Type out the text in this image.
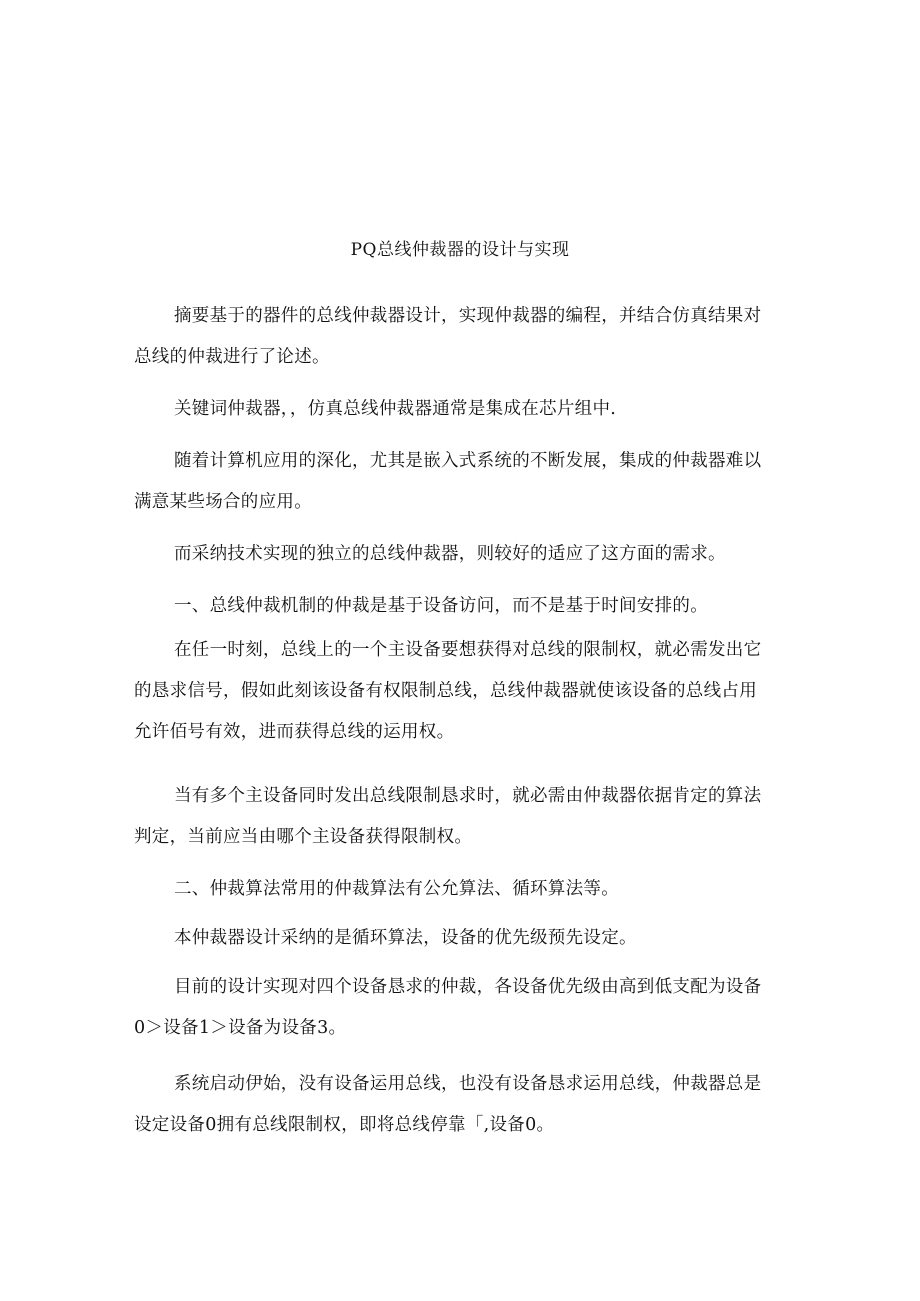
PQ总线仲裁器的设计与实现
摘要基于的器件的总线仲裁器设计，实现仲裁器的编程，并结合仿真结果对
总线的仲裁进行了论述。
关键词仲裁器，，仿真总线仲裁器通常是集成在芯片组中.
随着计算机应用的深化，尤其是嵌入式系统的不断发展，集成的仲裁器难以
满意某些场合的应用。
而采纳技术实现的独立的总线仲裁器，则较好的适应了这方面的需求。
一、总线仲裁机制的仲裁是基于设备访问，而不是基于时间安排的。
在任一时刻，总线上的一个主设备要想获得对总线的限制权，就必需发出它
的恳求信号，假如此刻该设备有权限制总线，总线仲裁器就使该设备的总线占用
允许佰号有效，进而获得总线的运用权。
当有多个主设备同时发出总线限制恳求时，就必需由仲裁器依据肯定的算法
判定，当前应当由哪个主设备获得限制权。
二、仲裁算法常用的仲裁算法有公允算法、循环算法等。
本仲裁器设计采纳的是循环算法，设备的优先级预先设定。
目前的设计实现对四个设备恳求的仲裁，各设备优先级由高到低支配为设备
0＞设备1＞设备为设备3。
系统启动伊始，没有设备运用总线，也没有设备恳求运用总线，仲裁器总是
设定设备0拥有总线限制权，即将总线停靠「,设备0。
